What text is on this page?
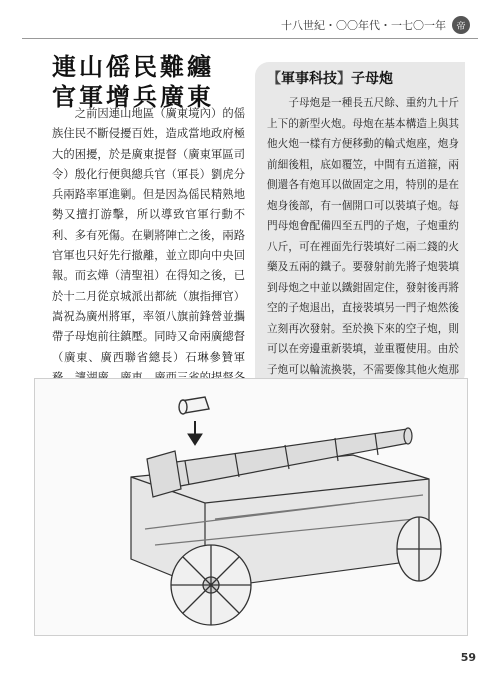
十八世紀・〇〇年代・一七〇一年	帝
連山傜民難纏
官軍增兵廣東
　　之前因連山地區（廣東境內）的傜族住民不斷侵擾百姓，造成當地政府極大的困擾，於是廣東提督（廣東軍區司令）殷化行便與總兵官（軍長）劉虎分兵兩路率軍進剿。但是因為傜民精熟地勢又擅打游擊，所以導致官軍行動不利、多有死傷。在剿將陣亡之後，兩路官軍也只好先行撤離，並立即向中央回報。而玄燁（清聖祖）在得知之後，已於十二月從京城派出都統（旗指揮官）嵩祝為廣州將軍，率領八旗前鋒營並攜帶子母炮前往鎮壓。同時又命兩廣總督（廣東、廣西聯省總長）石琳參贊軍
【軍事科技】子母炮
　　子母炮是一種長五尺餘、重約九十斤上下的新型火炮。母炮在基本構造上與其他火炮一樣有方便移動的輪式炮座，炮身前細後粗，底如覆笠，中間有五道箍，兩側還各有炮耳以做固定之用，特別的是在炮身後部，有一個開口可以裝填子炮。每門母炮會配備四至五門的子炮，子炮重約八斤，可在裡面先行裝填好二兩二錢的火藥及五兩的鐵子。要發射前先將子炮裝填到母炮之中並以鐵鉗固定住，發射後再將空的子炮退出，直接裝填另一門子炮然後立刻再次發射。至於換下來的空子炮，則可以在旁邊重新裝填，並重覆使用。由於子炮可以輪流換裝，不需要像其他火炮那
59
